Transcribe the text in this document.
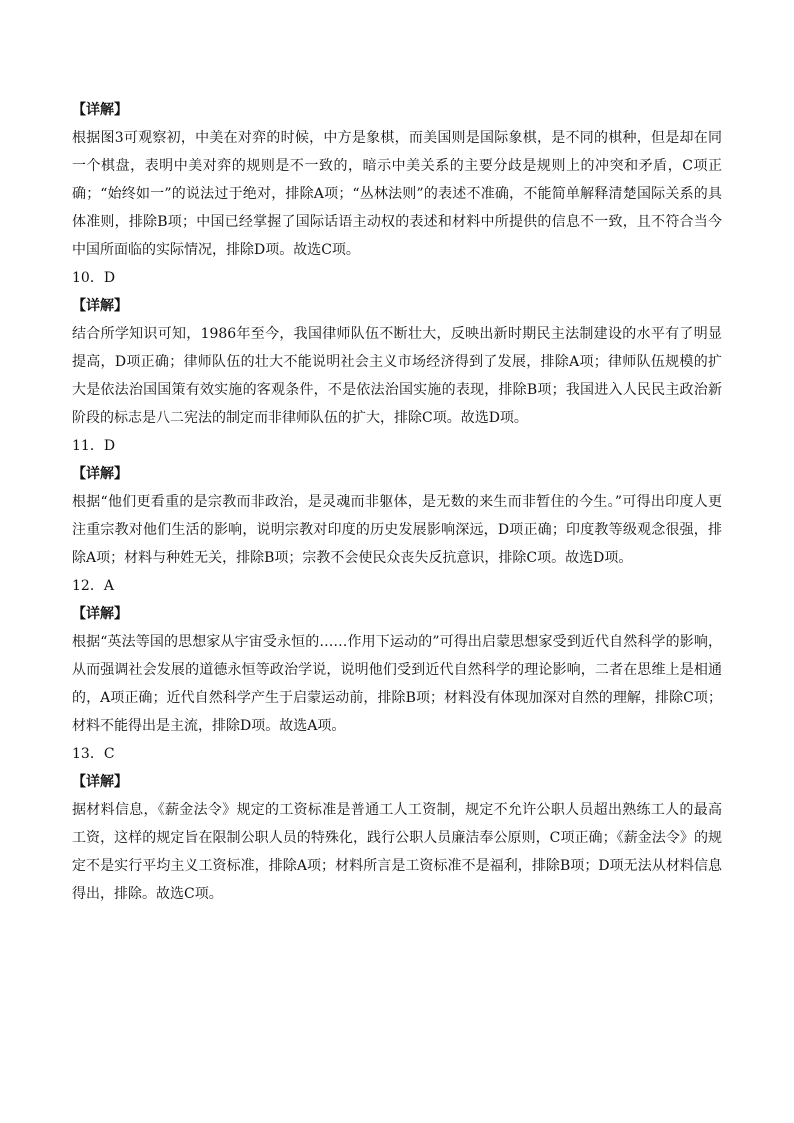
【详解】
根据图3可观察初，中美在对弈的时候，中方是象棋，而美国则是国际象棋，是不同的棋种，但是却在同一个棋盘，表明中美对弈的规则是不一致的，暗示中美关系的主要分歧是规则上的冲突和矛盾，C项正确；“始终如一”的说法过于绝对，排除A项；“丛林法则”的表述不准确，不能简单解释清楚国际关系的具体准则，排除B项；中国已经掌握了国际话语主动权的表述和材料中所提供的信息不一致，且不符合当今中国所面临的实际情况，排除D项。故选C项。
10．D
【详解】
结合所学知识可知，1986年至今，我国律师队伍不断壮大，反映出新时期民主法制建设的水平有了明显提高，D项正确；律师队伍的壮大不能说明社会主义市场经济得到了发展，排除A项；律师队伍规模的扩大是依法治国国策有效实施的客观条件，不是依法治国实施的表现，排除B项；我国进入人民民主政治新阶段的标志是八二宪法的制定而非律师队伍的扩大，排除C项。故选D项。
11．D
【详解】
根据“他们更看重的是宗教而非政治，是灵魂而非躯体，是无数的来生而非暂住的今生。”可得出印度人更注重宗教对他们生活的影响，说明宗教对印度的历史发展影响深远，D项正确；印度教等级观念很强，排除A项；材料与种姓无关，排除B项；宗教不会使民众丧失反抗意识，排除C项。故选D项。
12．A
【详解】
根据“英法等国的思想家从宇宙受永恒的……作用下运动的”可得出启蒙思想家受到近代自然科学的影响，从而强调社会发展的道德永恒等政治学说，说明他们受到近代自然科学的理论影响，二者在思维上是相通的，A项正确；近代自然科学产生于启蒙运动前，排除B项；材料没有体现加深对自然的理解，排除C项；材料不能得出是主流，排除D项。故选A项。
13．C
【详解】
据材料信息，《薪金法令》规定的工资标准是普通工人工资制，规定不允许公职人员超出熟练工人的最高工资，这样的规定旨在限制公职人员的特殊化，践行公职人员廉洁奉公原则，C项正确；《薪金法令》的规定不是实行平均主义工资标准，排除A项；材料所言是工资标准不是福利，排除B项；D项无法从材料信息得出，排除。故选C项。
